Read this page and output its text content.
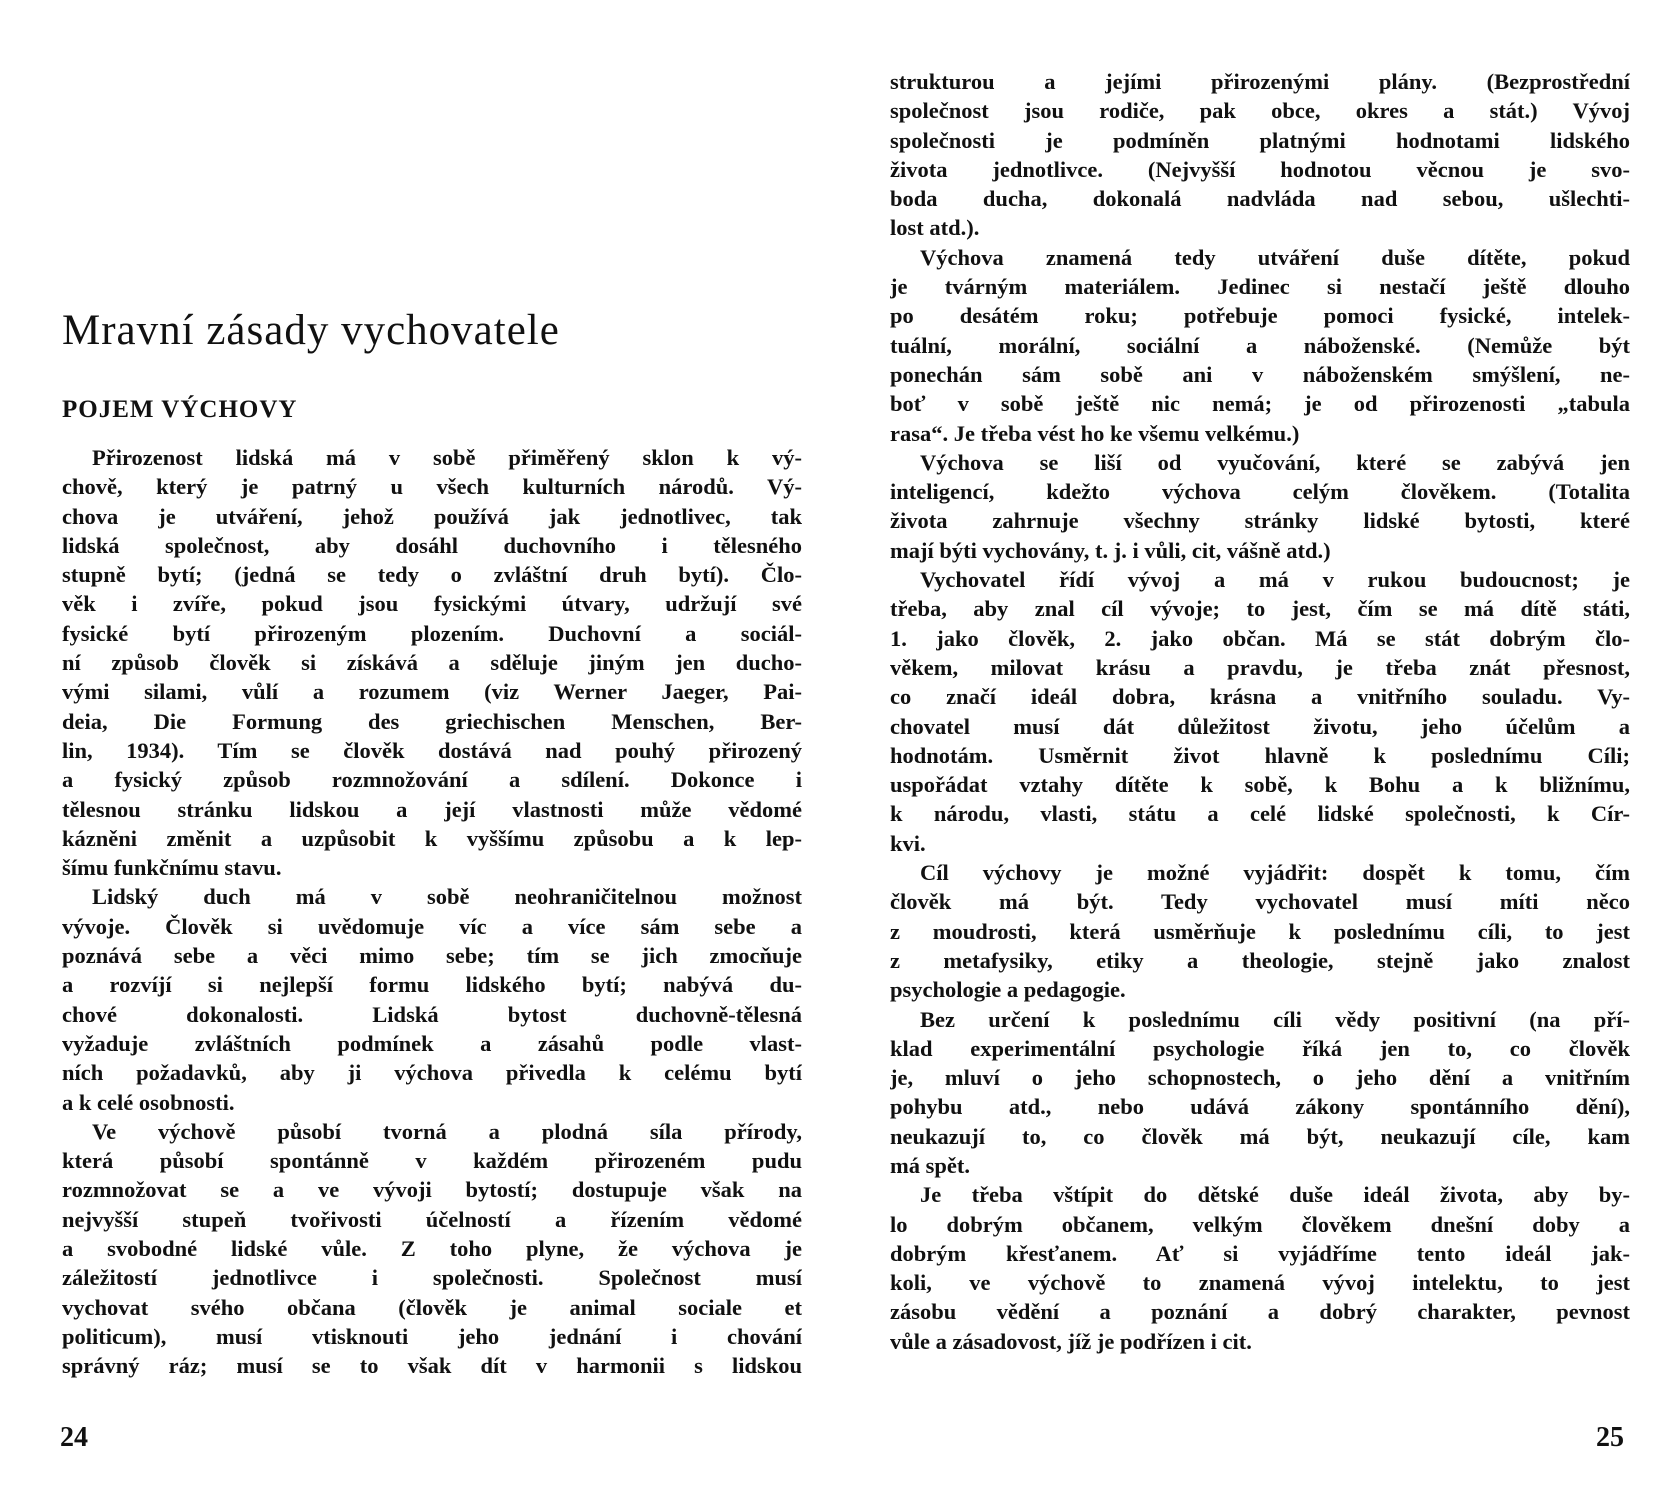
Mravní zásady vychovatele
POJEM VÝCHOVY
Přirozenost lidská má v sobě přiměřený sklon k vý-
chově, který je patrný u všech kulturních národů. Vý-
chova je utváření, jehož používá jak jednotlivec, tak
lidská společnost, aby dosáhl duchovního i tělesného
stupně bytí; (jedná se tedy o zvláštní druh bytí). Člo-
věk i zvíře, pokud jsou fysickými útvary, udržují své
fysické bytí přirozeným plozením. Duchovní a sociál-
ní způsob člověk si získává a sděluje jiným jen ducho-
vými silami, vůlí a rozumem (viz Werner Jaeger, Pai-
deia, Die Formung des griechischen Menschen, Ber-
lin, 1934). Tím se člověk dostává nad pouhý přirozený
a fysický způsob rozmnožování a sdílení. Dokonce i
tělesnou stránku lidskou a její vlastnosti může vědomé
kázněni změnit a uzpůsobit k vyššímu způsobu a k lep-
šímu funkčnímu stavu.
Lidský duch má v sobě neohraničitelnou možnost
vývoje. Člověk si uvědomuje víc a více sám sebe a
poznává sebe a věci mimo sebe; tím se jich zmocňuje
a rozvíjí si nejlepší formu lidského bytí; nabývá du-
chové dokonalosti. Lidská bytost duchovně-tělesná
vyžaduje zvláštních podmínek a zásahů podle vlast-
ních požadavků, aby ji výchova přivedla k celému bytí
a k celé osobnosti.
Ve výchově působí tvorná a plodná síla přírody,
která působí spontánně v každém přirozeném pudu
rozmnožovat se a ve vývoji bytostí; dostupuje však na
nejvyšší stupeň tvořivosti účelností a řízením vědomé
a svobodné lidské vůle. Z toho plyne, že výchova je
záležitostí jednotlivce i společnosti. Společnost musí
vychovat svého občana (člověk je animal sociale et
politicum), musí vtisknouti jeho jednání i chování
správný ráz; musí se to však dít v harmonii s lidskou
24
strukturou a jejími přirozenými plány. (Bezprostřední
společnost jsou rodiče, pak obce, okres a stát.) Vývoj
společnosti je podmíněn platnými hodnotami lidského
života jednotlivce. (Nejvyšší hodnotou věcnou je svo-
boda ducha, dokonalá nadvláda nad sebou, ušlechti-
lost atd.).
Výchova znamená tedy utváření duše dítěte, pokud
je tvárným materiálem. Jedinec si nestačí ještě dlouho
po desátém roku; potřebuje pomoci fysické, intelek-
tuální, morální, sociální a náboženské. (Nemůže být
ponechán sám sobě ani v náboženském smýšlení, ne-
boť v sobě ještě nic nemá; je od přirozenosti „tabula
rasa“. Je třeba vést ho ke všemu velkému.)
Výchova se liší od vyučování, které se zabývá jen
inteligencí, kdežto výchova celým člověkem. (Totalita
života zahrnuje všechny stránky lidské bytosti, které
mají býti vychovány, t. j. i vůli, cit, vášně atd.)
Vychovatel řídí vývoj a má v rukou budoucnost; je
třeba, aby znal cíl vývoje; to jest, čím se má dítě státi,
1. jako člověk, 2. jako občan. Má se stát dobrým člo-
věkem, milovat krásu a pravdu, je třeba znát přesnost,
co značí ideál dobra, krásna a vnitřního souladu. Vy-
chovatel musí dát důležitost životu, jeho účelům a
hodnotám. Usměrnit život hlavně k poslednímu Cíli;
uspořádat vztahy dítěte k sobě, k Bohu a k bližnímu,
k národu, vlasti, státu a celé lidské společnosti, k Cír-
kvi.
Cíl výchovy je možné vyjádřit: dospět k tomu, čím
člověk má být. Tedy vychovatel musí míti něco
z moudrosti, která usměrňuje k poslednímu cíli, to jest
z metafysiky, etiky a theologie, stejně jako znalost
psychologie a pedagogie.
Bez určení k poslednímu cíli vědy positivní (na pří-
klad experimentální psychologie říká jen to, co člověk
je, mluví o jeho schopnostech, o jeho dění a vnitřním
pohybu atd., nebo udává zákony spontánního dění),
neukazují to, co člověk má být, neukazují cíle, kam
má spět.
Je třeba vštípit do dětské duše ideál života, aby by-
lo dobrým občanem, velkým člověkem dnešní doby a
dobrým křesťanem. Ať si vyjádříme tento ideál jak-
koli, ve výchově to znamená vývoj intelektu, to jest
zásobu vědění a poznání a dobrý charakter, pevnost
vůle a zásadovost, jíž je podřízen i cit.
25
